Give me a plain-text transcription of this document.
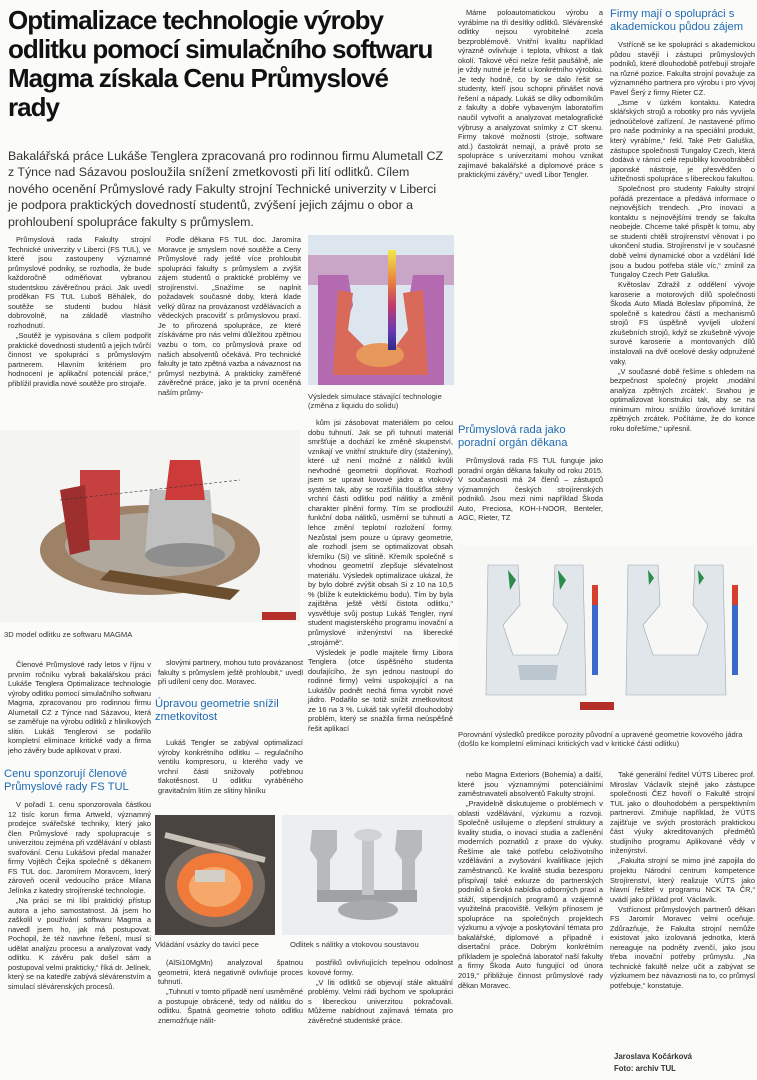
Optimalizace technologie výroby odlitku pomocí simulačního softwaru Magma získala Cenu Průmyslové rady
Bakalářská práce Lukáše Tenglera zpracovaná pro rodinnou firmu Alumetall CZ z Týnce nad Sázavou posloužila snížení zmetkovosti při lití odlitků. Cílem nového ocenění Průmyslové rady Fakulty strojní Technické univerzity v Liberci je podpora praktických dovedností studentů, zvýšení jejich zájmu o obor a prohloubení spolupráce fakulty s průmyslem.

Průmyslová rada Fakulty strojní Technické univerzity v Liberci (FS TUL), ve které jsou zastoupeny významné průmyslové podniky, se rozhodla, že bude každoročně odměňovat vybranou studentskou závěrečnou práci. Jak uvedl proděkan FS TUL Luboš Běhálek, do soutěže se studenti budou hlásit dobrovolně, na základě vlastního rozhodnutí.

„Soutěž je vypisována s cílem podpořit praktické dovednosti studentů a jejich tvůrčí činnost ve spolupráci s průmyslovým partnerem. Hlavním kritériem pro hodnocení je aplikační potenciál práce,“ přiblížil pravidla nové soutěže pro strojaře.

Podle děkana FS TUL doc. Jaromíra Moravce je smyslem nové soutěže a Ceny Průmyslové rady ještě více prohloubit spolupráci fakulty s průmyslem a zvýšit zájem studentů o praktické problémy ve strojírenství. „Snažíme se naplnit požadavek současné doby, která klade velký důraz na provázanost vzdělávacích a vědeckých pracovišť s průmyslovou praxí. Je to přirozená spolupráce, ze které získáváme pro nás velmi důležitou zpětnou vazbu o tom, co průmyslová praxe od našich absolventů očekává. Pro technické fakulty je tato zpětná vazba a návaznost na průmysl nezbytná. A prakticky zaměřené závěrečné práce, jako je ta první oceněná naším průmy-	Výsledek simulace stávající technologie (změna z liquidu do solidu)

Máme poloautomatickou výrobu a vyrábíme na tři desítky odlitků. Slévárenské odlitky nejsou vyrobitelné zcela bezproblémově. Vnitřní kvalitu například výrazně ovlivňuje i teplota, vlhkost a tlak okolí. Takové věci nelze řešit paušálně, ale je vždy nutné je řešit u konkrétního výrobku. Je tedy hodně, co by se dalo řešit se studenty, kteří jsou schopni přinášet nová řešení a nápady. Lukáš se díky odborníkům z fakulty a dobře vybaveným laboratořím naučil vytvořit a analyzovat metalografické výbrusy a analyzovat snímky z CT skenu. Firmy takové možnosti (stroje, software atd.) častokrát nemají, a právě proto se spolupráce s univerzitami mohou vznikat zajímavé bakalářské a diplomové práce s praktickými závěry,“ uvedl Libor Tengler.

Firmy mají o spolupráci s akademickou půdou zájem

Vstřícně se ke spolupráci s akademickou půdou stavějí i zástupci průmyslových podniků, které dlouhodobě potřebují strojaře na různé pozice. Fakulta strojní považuje za významného partnera pro výrobu i pro vývoj Pavel Šerý z firmy Rieter CZ.

„Jsme v úzkém kontaktu. Katedra sklářských strojů a robotiky pro nás vyvíjela jednoúčelové zařízení. Je nastavené přímo pro naše podmínky a na speciální produkt, který vyrábíme,“ řekl. Také Petr Galuška, zástupce společnosti Tungaloy Czech, která dodává v rámci celé republiky kovoobráběcí japonské nástroje, je přesvědčen o užitečnosti spolupráce s libereckou fakultou.

Společnost pro studenty Fakulty strojní pořádá prezentace a předává informace o nejnovějších trendech. „Pro inovaci a kontaktu s nejnovějšími trendy se fakulta neobejde. Chceme také přispět k tomu, aby se studenti chtěli strojírenství věnovat i po ukončení studia. Strojírenství je v současné době velmi dynamické obor a vzdělání lidé jsou a budou potřeba stále víc,“ zmínil za Tungaloy Czech Petr Galuška.

Květoslav Zdražil z oddělení vývoje karoserie a motorových dílů společnosti Škoda Auto Mladá Boleslav připomíná, že společně s katedrou částí a mechanismů strojů FS úspěšně vyvíjeli uložení zkušebních strojů, když se zkušebně vývoje surové karoserie a montovaných dílů instalovali na dvě ocelové desky odpružené vaky.

„V současné době řešíme s ohledem na bezpečnost společný projekt ‚modální analýza zpětných zrcátek‘. Snahou je optimalizovat konstrukci tak, aby se na minimum mírou snížilo úrovňové kmitání zpětných zrcátek. Počítáme, že do konce roku dořešíme,“ upřesnil.

3D model odlitku ze softwaru MAGMA

kům jsi zásobovat materiálem po celou dobu tuhnutí. Jak se při tuhnutí materiál smršťuje a dochází ke změně skupenství, vznikají ve vnitřní struktuře díry (staženiny), které už není možné z nálitků kvůli nevhodné geometrii doplňovat. Rozhodl jsem se upravit kovové jádro a vtokový systém tak, aby se rozšířila tloušťka stěny vrchní části odlitku pod nálitky a změnil charakter plnění formy. Tím se prodloužil funkční doba nálitků, usměrní se tuhnutí a lehce změní teplotní rozložení formy. Nezůstal jsem pouze u úpravy geometrie, ale rozhodl jsem se optimalizovat obsah křemíku (Si) ve slitině. Křemík společně s vhodnou geometrií zlepšuje slévatelnost materiálu. Výsledek optimalizace ukázal, že by bylo dobré zvýšit obsah Si z 10 na 10,5 % (blíže k eutektickému bodu). Tím by byla zajištěna ještě větší čistota odlitku,“ vysvětluje svůj postup Lukáš Tengler, nyní student magisterského programu inovační a průmyslové inženýrství na liberecké „strojárně“.

Výsledek je podle majitele firmy Libora Tenglera (otce úspěšného studenta doufajícího, že syn jednou nastoupí do rodinné firmy) velmi uspokojující a na Lukášův podnět nechá firma vyrobit nové jádro. Podařilo se totiž snížit zmetkovitost ze 16 na 3 %. Lukáš tak vyřešil dlouhodobý problém, který se snažila firma neúspěšně řešit aplikací

Průmyslová rada jako poradní orgán děkana

Průmyslová rada FS TUL funguje jako poradní orgán děkana fakulty od roku 2015. V současnosti má 24 členů – zástupců významných českých strojírenských podniků. Jsou mezi nimi například Škoda Auto, Preciosa, KOH-I-NOOR, Benteler, AGC, Rieter, TZ

Porovnání výsledků predikce porozity původní a upravené geometrie kovového jádra (došlo ke kompletní eliminaci kritických vad v kritické části odlitku)

Členové Průmyslové rady letos v říjnu v prvním ročníku vybrali bakalářskou práci Lukáše Tenglera Optimalizace technologie výroby odlitku pomocí simulačního softwaru Magma, zpracovanou pro rodinnou firmu Alumetall CZ z Týnce nad Sázavou, která se zaměřuje na výrobu odlitků z hliníkových slitin. Lukáš Tenglerovi se podařilo kompletní eliminace kritické vady a firma jeho závěry bude aplikovat v praxi.

Cenu sponzorují členové Průmyslové rady FS TUL

V pořadí 1. cenu sponzorovala částkou 12 tisíc korun firma Artweld, významný prodejce svářečské techniky, který jako člen Průmyslové rady spolupracuje s univerzitou zejména při vzdělávání v oblasti svařování. Cenu Lukášovi předal manažer firmy Vojtěch Čejka společně s děkanem FS TUL doc. Jaromírem Moravcem, který zároveň ocenil vedoucího práce Milana Jelínka z katedry strojírenské technologie.

„Na práci se mi líbí praktický přístup autora a jeho samostatnost. Já jsem ho zaškolil v používání softwaru Magma a navedl jsem ho, jak má postupovat. Pochopil, že též navrhne řešení, musí si udělat analýzu procesu a analyzovat vady odlitku. K závěru pak došel sám a postupoval velmi prakticky,“ říká dr. Jelínek, který se na katedře zabývá slévárenstvím a simulací slévárenských procesů.

slovými partnery, mohou tuto provázanost fakulty s průmyslem ještě prohloubit,“ uvedl při udílení ceny doc. Moravec.

Úpravou geometrie snížil zmetkovitost

Lukáš Tengler se zabýval optimalizací výroby konkrétního odlitku – regulačního ventilu kompresoru, u kterého vady ve vrchní části snižovaly potřebnou tlakotěsnost. U odlitku vyráběného gravitačním litím ze slitiny hliníku

Vkládání vsázky do tavicí pece	Odlitek s nálitky a vtokovou soustavou

(AlSi10MgMn) analyzoval špatnou geometrii, která negativně ovlivňuje proces tuhnutí.

„Tuhnutí v tomto případě není usměrněné a postupuje obráceně, tedy od nálitku do odlitku. Špatná geometrie tohoto odlitku znemožňuje nálit-

postřiků ovlivňujících tepelnou odolnost kovové formy.

„V liti odlitků se objevují stále aktuální problémy. Velmi rádi bychom ve spolupráci s libereckou univerzitou pokračovali. Můžeme nabídnout zajímavá témata pro závěrečné studentské práce.

nebo Magna Exteriors (Bohemia) a další, které jsou významnými potenciálními zaměstnavateli absolventů Fakulty strojní.

„Pravidelně diskutujeme o problémech v oblasti vzdělávání, výzkumu a rozvoji. Společně usilujeme o zlepšení struktury a kvality studia, o inovaci studia a začlenění moderních poznatků z praxe do výuky. Řešíme ale také potřebu celoživotního vzdělávání a zvyšování kvalifikace jejich zaměstnanců. Ke kvalitě studia bezesporu přispívají také exkurze do partnerských podniků a široká nabídka odborných praxí a stáží, stipendijních programů a vzájemně využitelná pracoviště. Velkým přínosem je spolupráce na společných projektech výzkumu a vývoje a poskytování témata pro bakalářské, diplomové a případně i disertační práce. Dobrým konkrétním příkladem je společná laboratoř naší fakulty a firmy Škoda Auto fungující od února 2019,“ přibližuje činnost průmyslové rady děkan Moravec.

Také generální ředitel VÚTS Liberec prof. Miroslav Václavík stejně jako zástupce společnosti ČEZ hovoří o Fakultě strojní TUL jako o dlouhodobém a perspektivním partnerovi. Zmiňuje například, že VÚTS zajišťuje ve svých prostorách praktickou část výuky akreditovaných předmětů studijního programu Aplikované vědy v inženýrství.

„Fakulta strojní se mimo jiné zapojila do projektu Národní centrum kompetence Strojírenství, který realizuje VÚTS jako hlavní řešitel v programu NCK TA ČR,“ uvádí jako příklad prof. Václavík.

Vstřícnost průmyslových partnerů děkan FS Jaromír Moravec velmi oceňuje. Zdůrazňuje, že Fakulta strojní nemůže existovat jako izolovaná jednotka, která nereaguje na podněty zvenčí, jako jsou třeba inovační potřeby průmyslu. „Na technické fakultě nelze učit a zabývat se výzkumem bez návaznosti na to, co průmysl potřebuje,“ konstatuje.

Jaroslava Kočárková
Foto: archiv TUL
